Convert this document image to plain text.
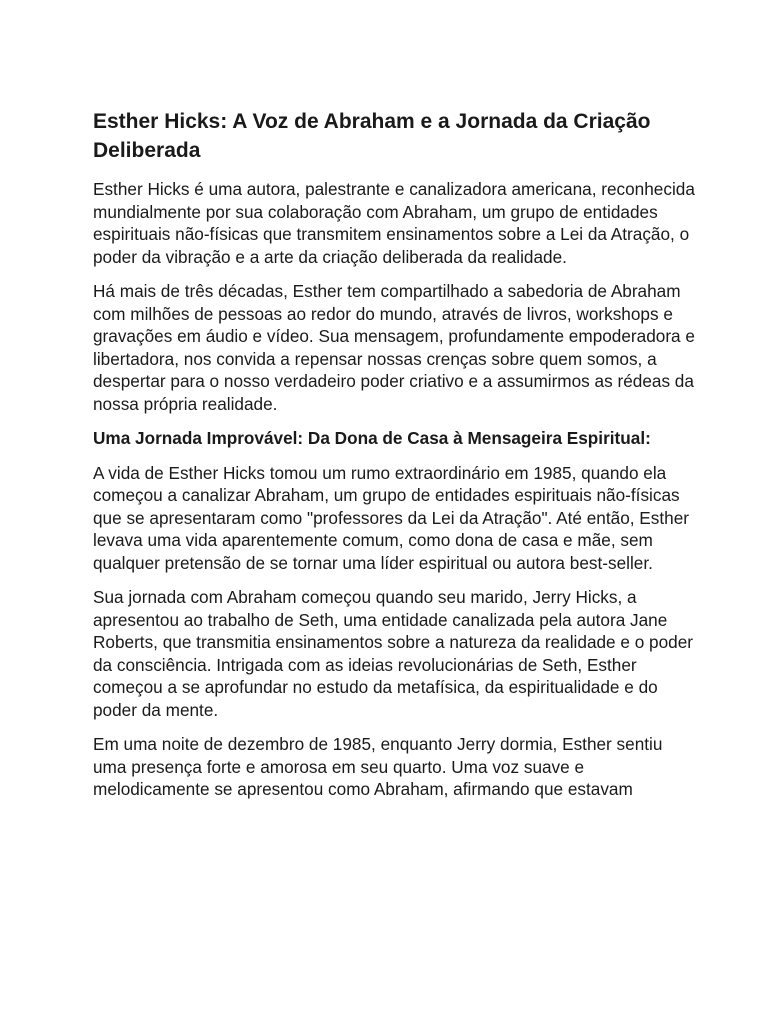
Esther Hicks: A Voz de Abraham e a Jornada da Criação Deliberada

Esther Hicks é uma autora, palestrante e canalizadora americana, reconhecida mundialmente por sua colaboração com Abraham, um grupo de entidades espirituais não-físicas que transmitem ensinamentos sobre a Lei da Atração, o poder da vibração e a arte da criação deliberada da realidade.

Há mais de três décadas, Esther tem compartilhado a sabedoria de Abraham com milhões de pessoas ao redor do mundo, através de livros, workshops e gravações em áudio e vídeo. Sua mensagem, profundamente empoderadora e libertadora, nos convida a repensar nossas crenças sobre quem somos, a despertar para o nosso verdadeiro poder criativo e a assumirmos as rédeas da nossa própria realidade.

Uma Jornada Improvável: Da Dona de Casa à Mensageira Espiritual:

A vida de Esther Hicks tomou um rumo extraordinário em 1985, quando ela começou a canalizar Abraham, um grupo de entidades espirituais não-físicas que se apresentaram como "professores da Lei da Atração". Até então, Esther levava uma vida aparentemente comum, como dona de casa e mãe, sem qualquer pretensão de se tornar uma líder espiritual ou autora best-seller.

Sua jornada com Abraham começou quando seu marido, Jerry Hicks, a apresentou ao trabalho de Seth, uma entidade canalizada pela autora Jane Roberts, que transmitia ensinamentos sobre a natureza da realidade e o poder da consciência. Intrigada com as ideias revolucionárias de Seth, Esther começou a se aprofundar no estudo da metafísica, da espiritualidade e do poder da mente.

Em uma noite de dezembro de 1985, enquanto Jerry dormia, Esther sentiu uma presença forte e amorosa em seu quarto. Uma voz suave e melodicamente se apresentou como Abraham, afirmando que estavam
